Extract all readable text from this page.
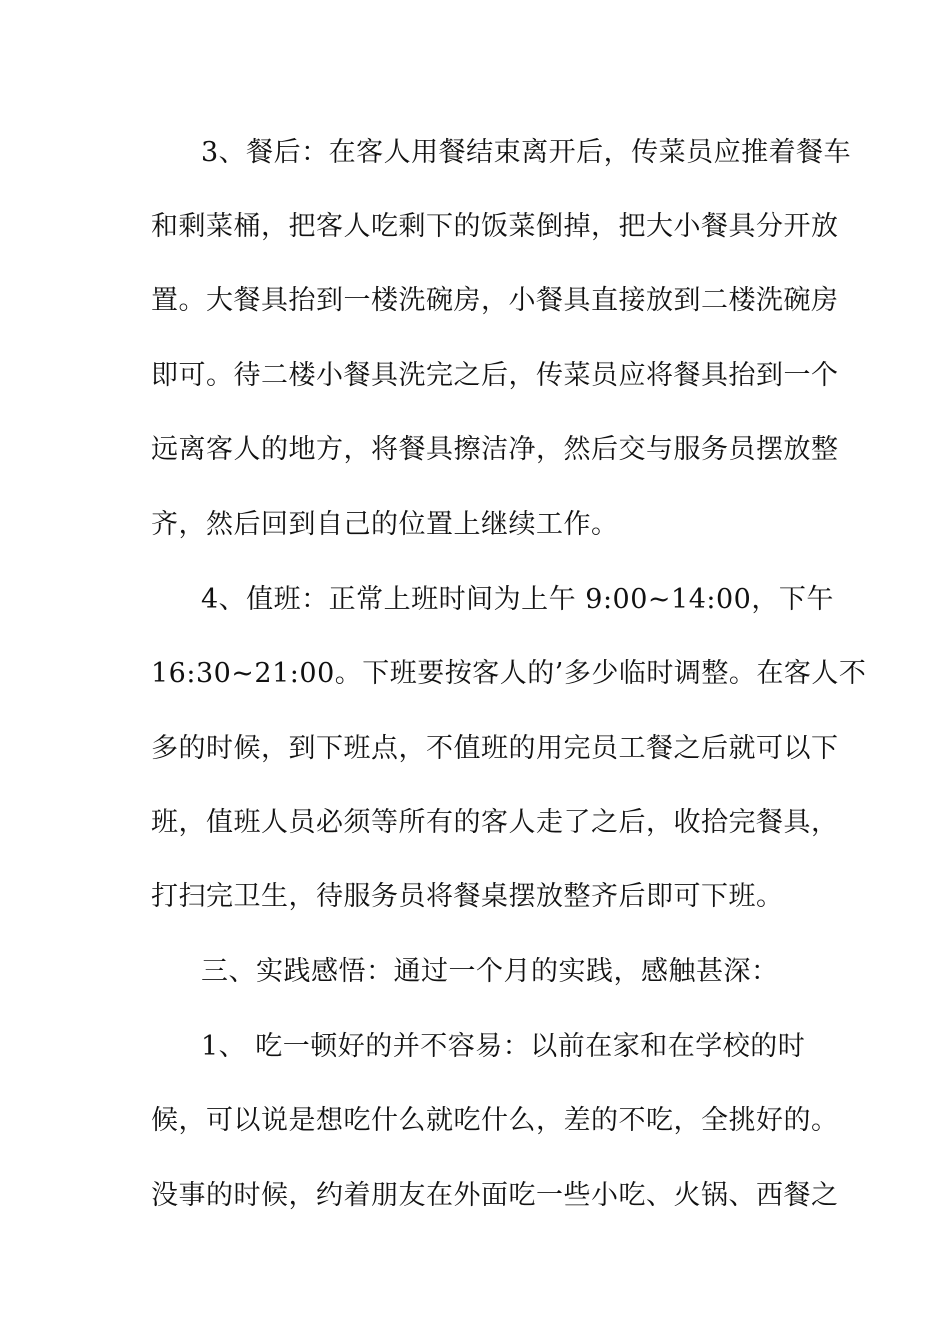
3、餐后：在客人用餐结束离开后，传菜员应推着餐车
和剩菜桶，把客人吃剩下的饭菜倒掉，把大小餐具分开放
置。大餐具抬到一楼洗碗房，小餐具直接放到二楼洗碗房
即可。待二楼小餐具洗完之后，传菜员应将餐具抬到一个
远离客人的地方，将餐具擦洁净，然后交与服务员摆放整
齐，然后回到自己的位置上继续工作。
4、值班：正常上班时间为上午 9:00~14:00，下午
16:30~21:00。下班要按客人的’多少临时调整。在客人不
多的时候，到下班点，不值班的用完员工餐之后就可以下
班，值班人员必须等所有的客人走了之后，收拾完餐具，
打扫完卫生，待服务员将餐桌摆放整齐后即可下班。
三、实践感悟：通过一个月的实践，感触甚深：
1、 吃一顿好的并不容易：以前在家和在学校的时
候，可以说是想吃什么就吃什么，差的不吃，全挑好的。
没事的时候，约着朋友在外面吃一些小吃、火锅、西餐之
